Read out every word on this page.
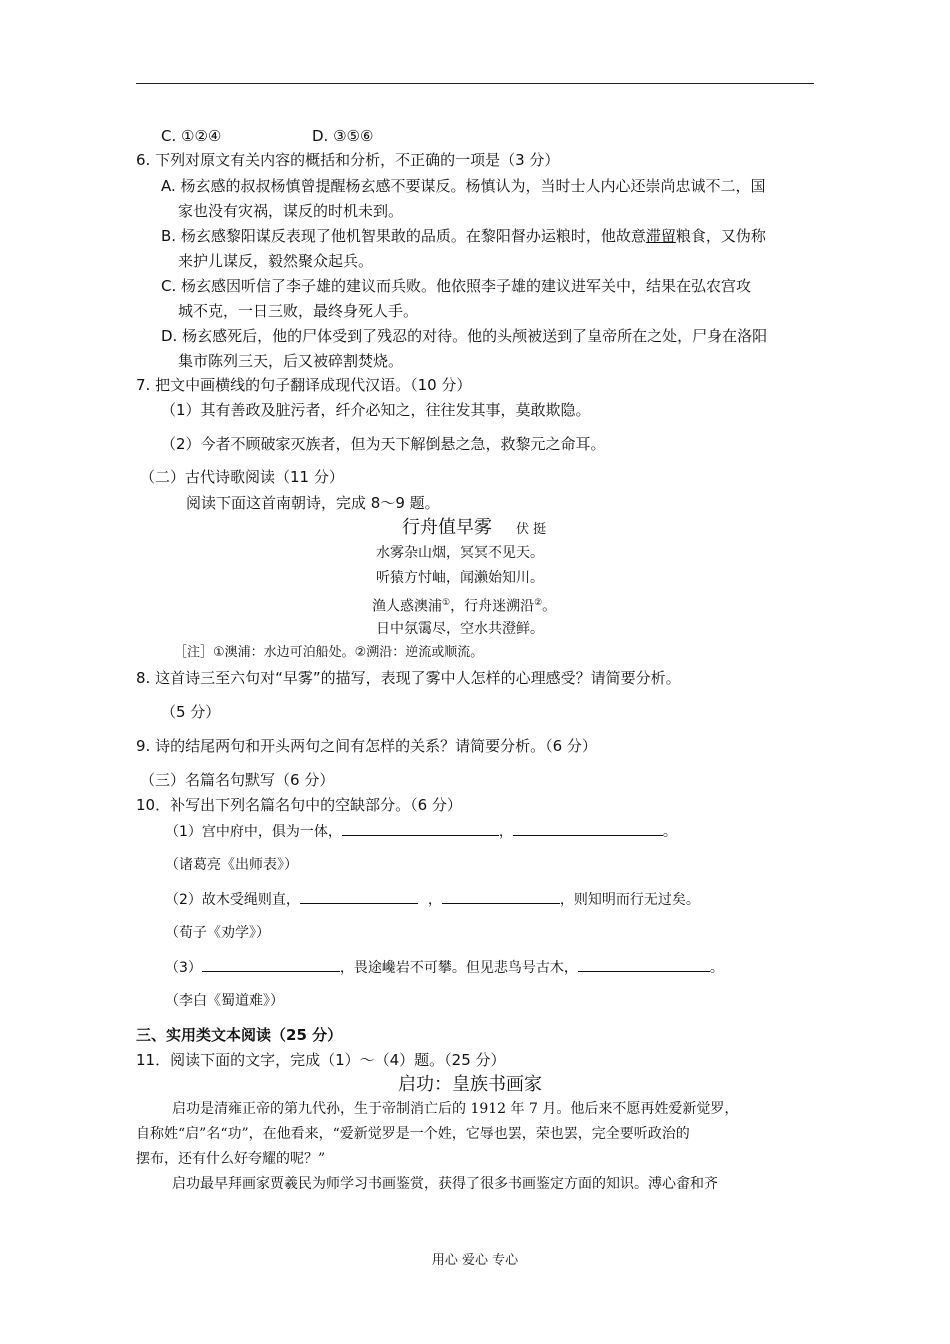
C. ①②④	D. ③⑤⑥
6. 下列对原文有关内容的概括和分析，不正确的一项是（3 分）
A. 杨玄感的叔叔杨慎曾提醒杨玄感不要谋反。杨慎认为，当时士人内心还崇尚忠诚不二，国
家也没有灾祸，谋反的时机未到。
B. 杨玄感黎阳谋反表现了他机智果敢的品质。在黎阳督办运粮时，他故意滞留粮食，又伪称
来护儿谋反，毅然聚众起兵。
C. 杨玄感因听信了李子雄的建议而兵败。他依照李子雄的建议进军关中，结果在弘农宫攻
城不克，一日三败，最终身死人手。
D. 杨玄感死后，他的尸体受到了残忍的对待。他的头颅被送到了皇帝所在之处，尸身在洛阳
集市陈列三天，后又被碎割焚烧。
7. 把文中画横线的句子翻译成现代汉语。（10 分）
（1）其有善政及脏污者，纤介必知之，往往发其事，莫敢欺隐。
（2）今者不顾破家灭族者，但为天下解倒悬之急，救黎元之命耳。
（二）古代诗歌阅读（11 分）
阅读下面这首南朝诗，完成 8～9 题。
行舟值早雾 伏 挺
水雾杂山烟，冥冥不见天。
听猿方忖岫，闻濑始知川。
渔人惑澳浦①，行舟迷溯沿②。
日中氛霭尽，空水共澄鲜。
［注］①澳浦：水边可泊船处。②溯沿：逆流或顺流。
8. 这首诗三至六句对“早雾”的描写，表现了雾中人怎样的心理感受？请简要分析。
（5 分）
9. 诗的结尾两句和开头两句之间有怎样的关系？请简要分析。（6 分）
（三）名篇名句默写（6 分）
10．补写出下列名篇名句中的空缺部分。（6 分）
（1）宫中府中，俱为一体，	，	。
（诸葛亮《出师表》）
（2）故木受绳则直，	，	，则知明而行无过矣。
（荀子《劝学》）
（3）	，畏途巉岩不可攀。但见悲鸟号古木，	。
（李白《蜀道难》）
三、实用类文本阅读（25 分）
11．阅读下面的文字，完成（1）～（4）题。（25 分）
启功：皇族书画家
启功是清雍正帝的第九代孙，生于帝制消亡后的 1912 年 7 月。他后来不愿再姓爱新觉罗，
自称姓“启”名“功”，在他看来，“爱新觉罗是一个姓，它辱也罢，荣也罢，完全要听政治的
摆布，还有什么好夸耀的呢？”
启功最早拜画家贾羲民为师学习书画鉴赏，获得了很多书画鉴定方面的知识。溥心畬和齐
用心 爱心 专心
